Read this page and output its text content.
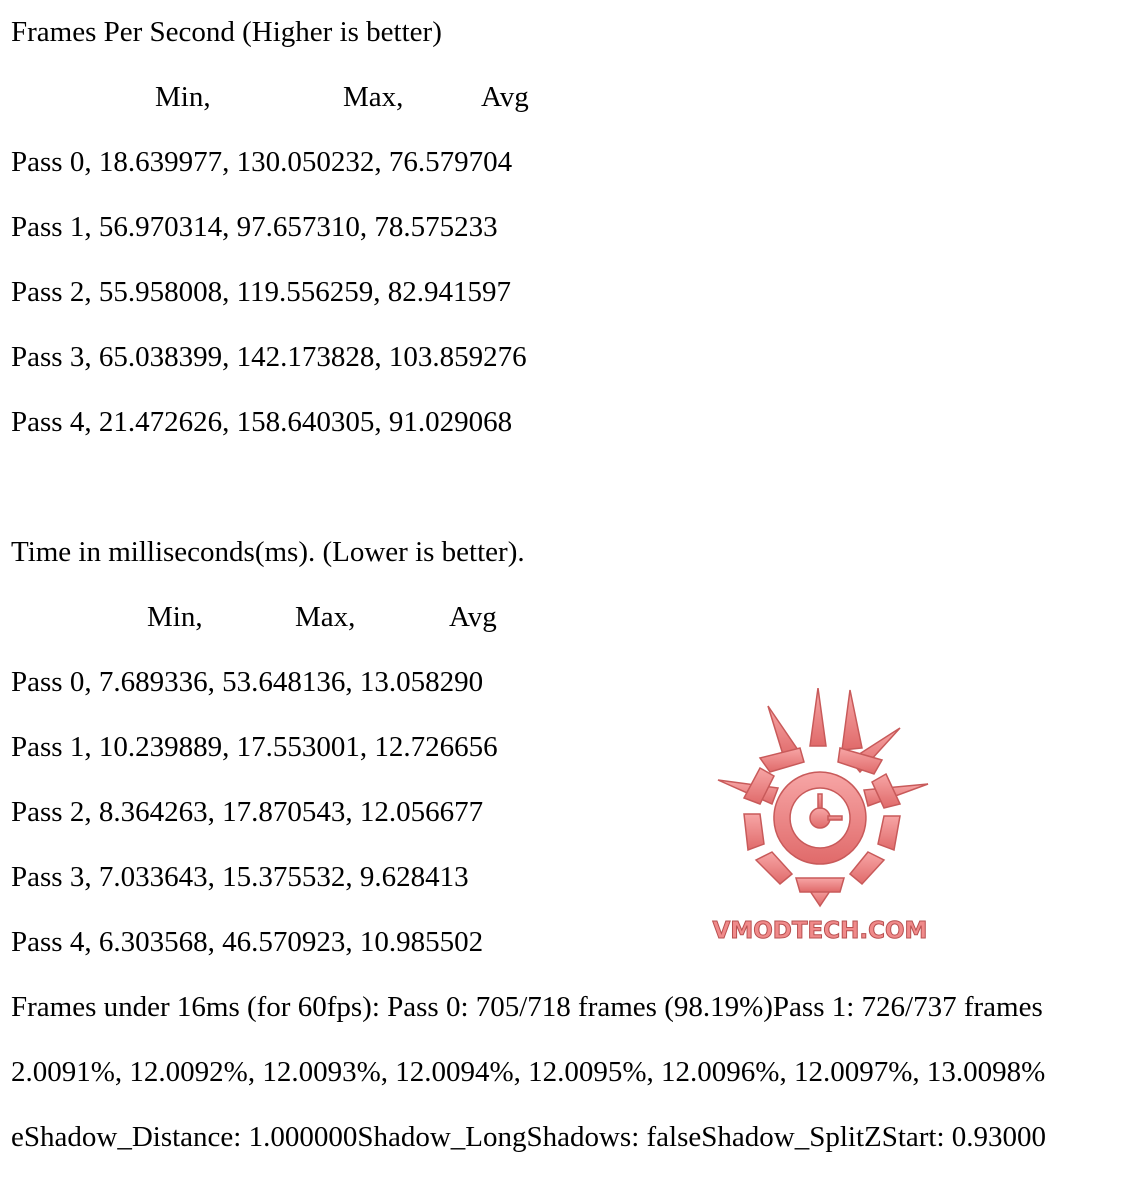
Frames Per Second (Higher is better)
Min,	Max,	Avg
Pass 0, 18.639977, 130.050232, 76.579704
Pass 1, 56.970314, 97.657310, 78.575233
Pass 2, 55.958008, 119.556259, 82.941597
Pass 3, 65.038399, 142.173828, 103.859276
Pass 4, 21.472626, 158.640305, 91.029068
Time in milliseconds(ms). (Lower is better).
Min,	Max,	Avg
Pass 0, 7.689336, 53.648136, 13.058290
Pass 1, 10.239889, 17.553001, 12.726656
Pass 2, 8.364263, 17.870543, 12.056677
Pass 3, 7.033643, 15.375532, 9.628413
Pass 4, 6.303568, 46.570923, 10.985502
Frames under 16ms (for 60fps): Pass 0: 705/718 frames (98.19%)Pass 1: 726/737 frames
2.0091%, 12.0092%, 12.0093%, 12.0094%, 12.0095%, 12.0096%, 12.0097%, 13.0098%
eShadow_Distance: 1.000000Shadow_LongShadows: falseShadow_SplitZStart: 0.93000
VMODTECH.COM
